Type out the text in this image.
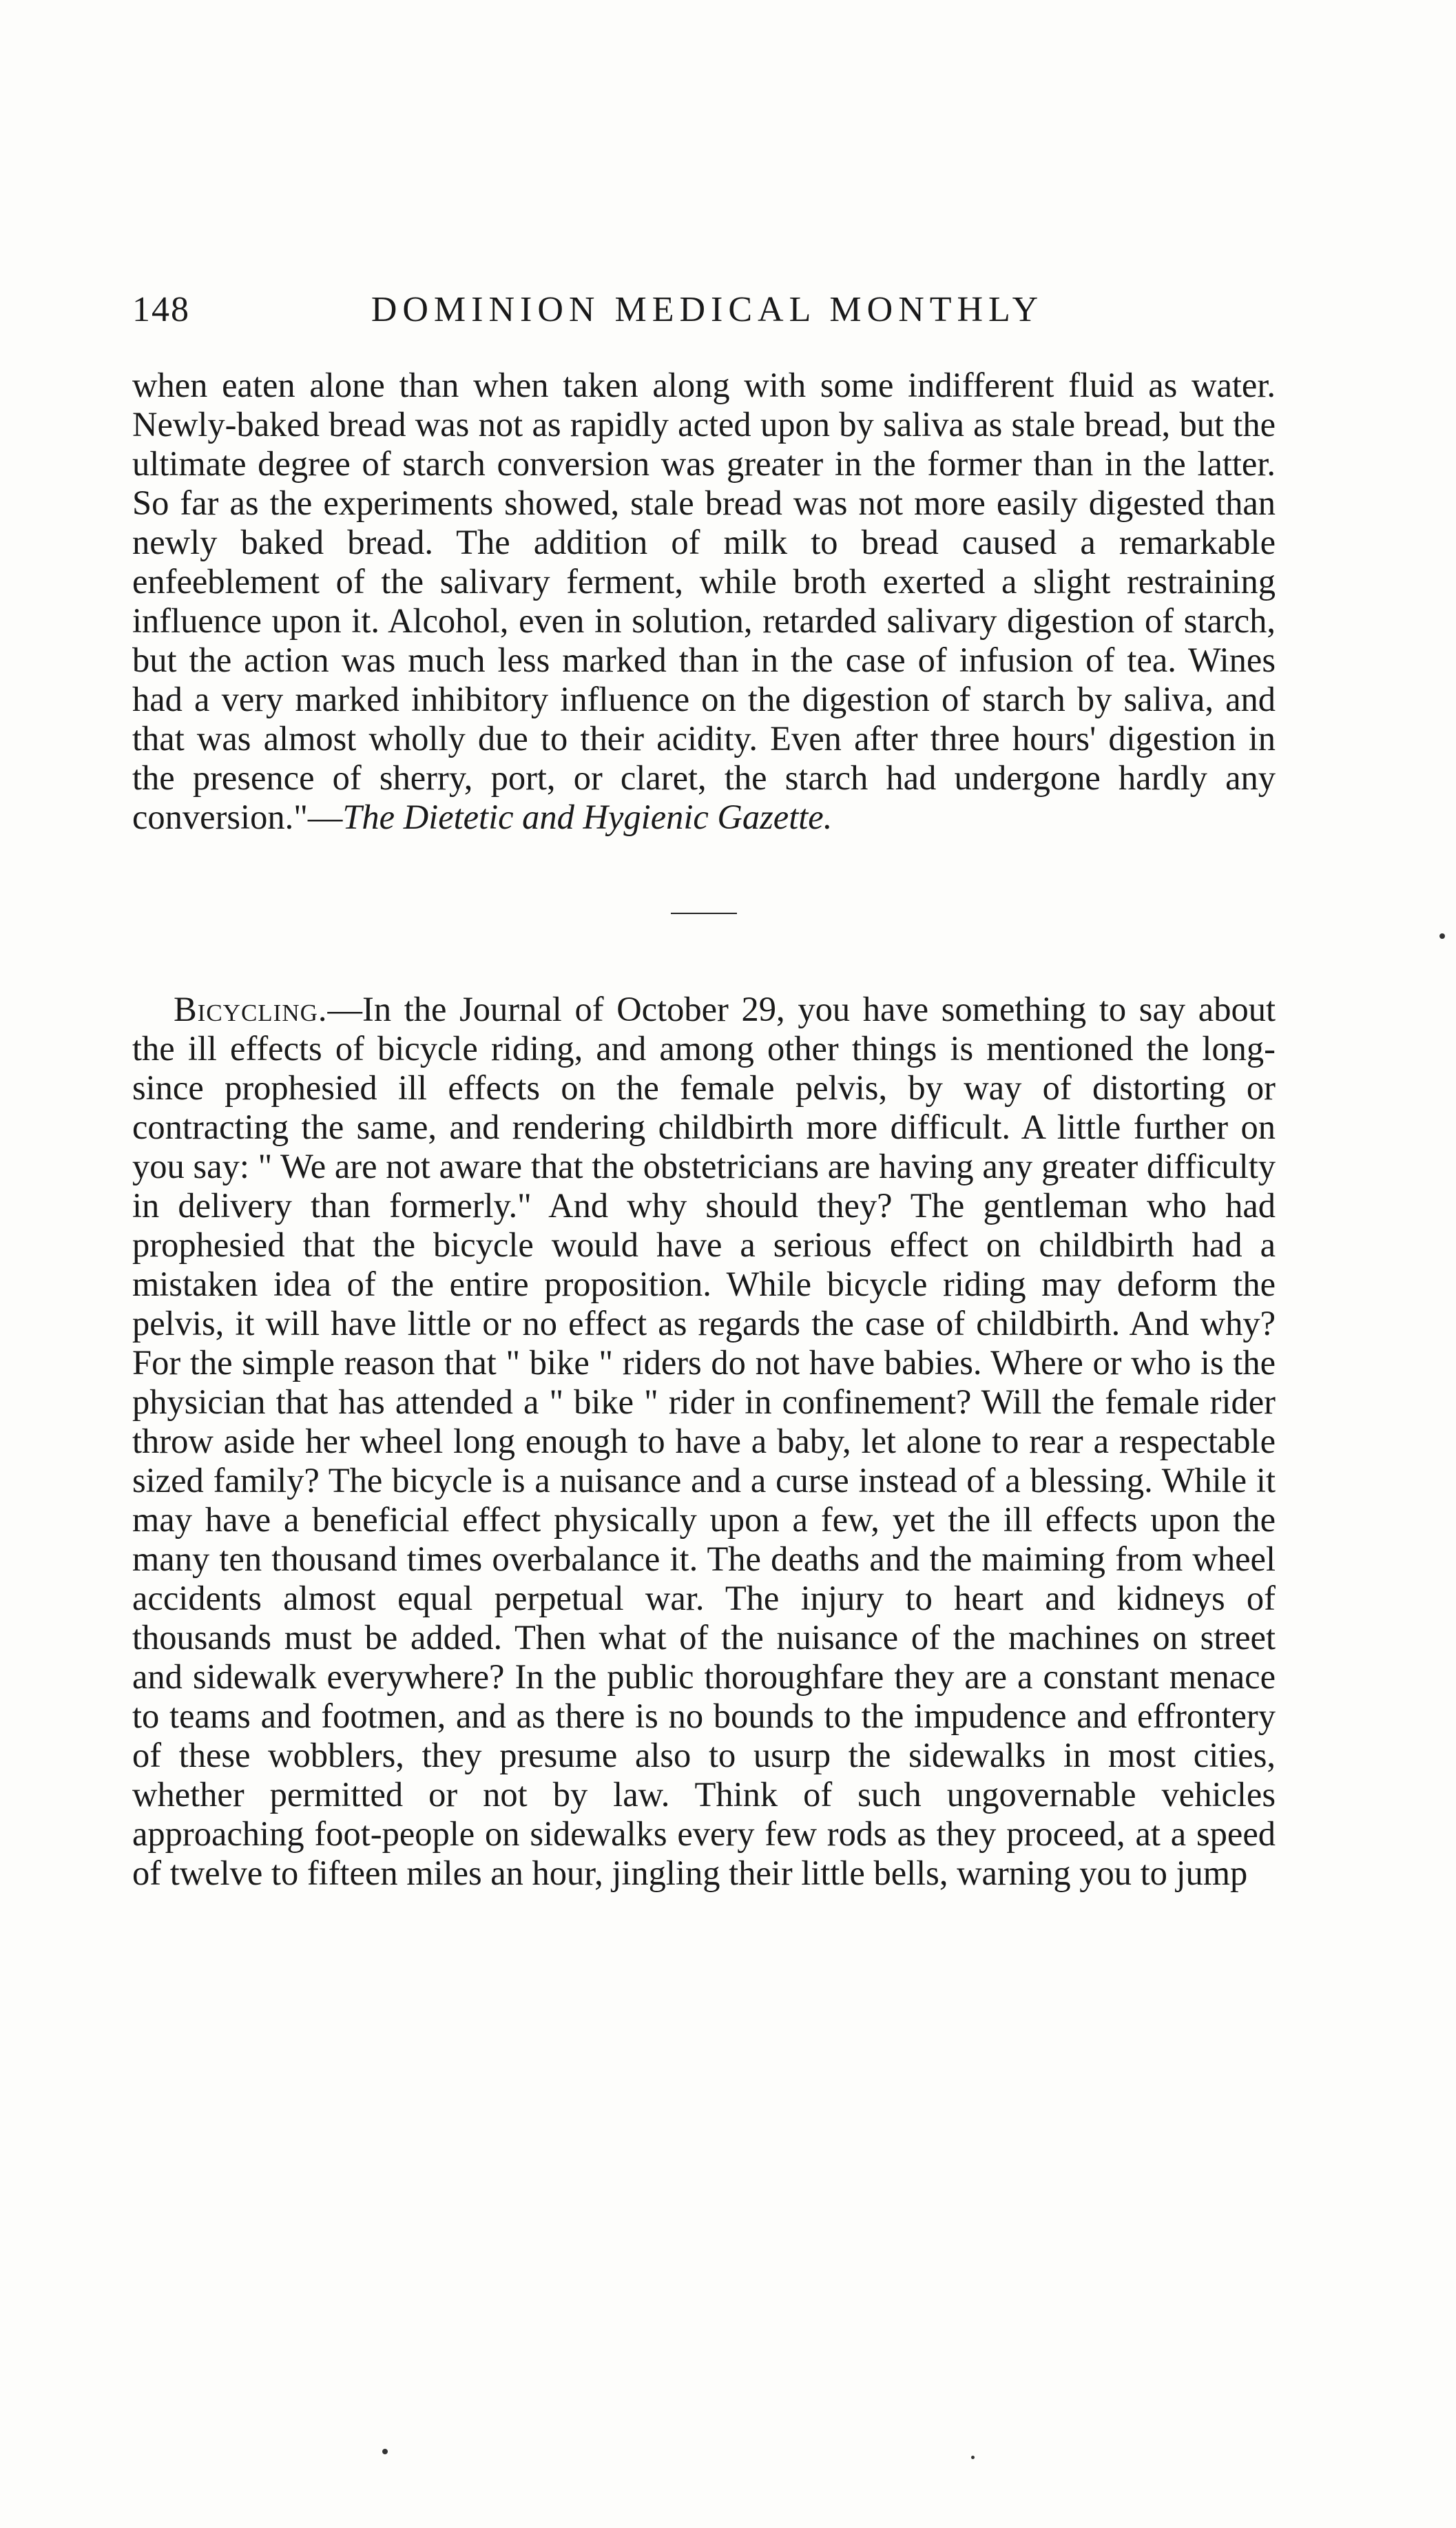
148	DOMINION MEDICAL MONTHLY

when eaten alone than when taken along with some indifferent fluid as water. Newly-baked bread was not as rapidly acted upon by saliva as stale bread, but the ultimate degree of starch conversion was greater in the former than in the latter. So far as the experiments showed, stale bread was not more easily digested than newly baked bread. The addition of milk to bread caused a remarkable enfeeblement of the salivary ferment, while broth exerted a slight restraining influence upon it. Alcohol, even in solution, retarded salivary digestion of starch, but the action was much less marked than in the case of infusion of tea. Wines had a very marked inhibitory influence on the digestion of starch by saliva, and that was almost wholly due to their acidity. Even after three hours' digestion in the presence of sherry, port, or claret, the starch had undergone hardly any conversion."—The Dietetic and Hygienic Gazette.

Bicycling.—In the Journal of October 29, you have something to say about the ill effects of bicycle riding, and among other things is mentioned the long-since prophesied ill effects on the female pelvis, by way of distorting or contracting the same, and rendering childbirth more difficult. A little further on you say: " We are not aware that the obstetricians are having any greater difficulty in delivery than formerly." And why should they? The gentleman who had prophesied that the bicycle would have a serious effect on childbirth had a mistaken idea of the entire proposition. While bicycle riding may deform the pelvis, it will have little or no effect as regards the case of childbirth. And why? For the simple reason that " bike " riders do not have babies. Where or who is the physician that has attended a " bike " rider in confinement? Will the female rider throw aside her wheel long enough to have a baby, let alone to rear a respectable sized family? The bicycle is a nuisance and a curse instead of a blessing. While it may have a beneficial effect physically upon a few, yet the ill effects upon the many ten thousand times overbalance it. The deaths and the maiming from wheel accidents almost equal perpetual war. The injury to heart and kidneys of thousands must be added. Then what of the nuisance of the machines on street and sidewalk everywhere? In the public thoroughfare they are a constant menace to teams and footmen, and as there is no bounds to the impudence and effrontery of these wobblers, they presume also to usurp the sidewalks in most cities, whether permitted or not by law. Think of such ungovernable vehicles approaching foot-people on sidewalks every few rods as they proceed, at a speed of twelve to fifteen miles an hour, jingling their little bells, warning you to jump
